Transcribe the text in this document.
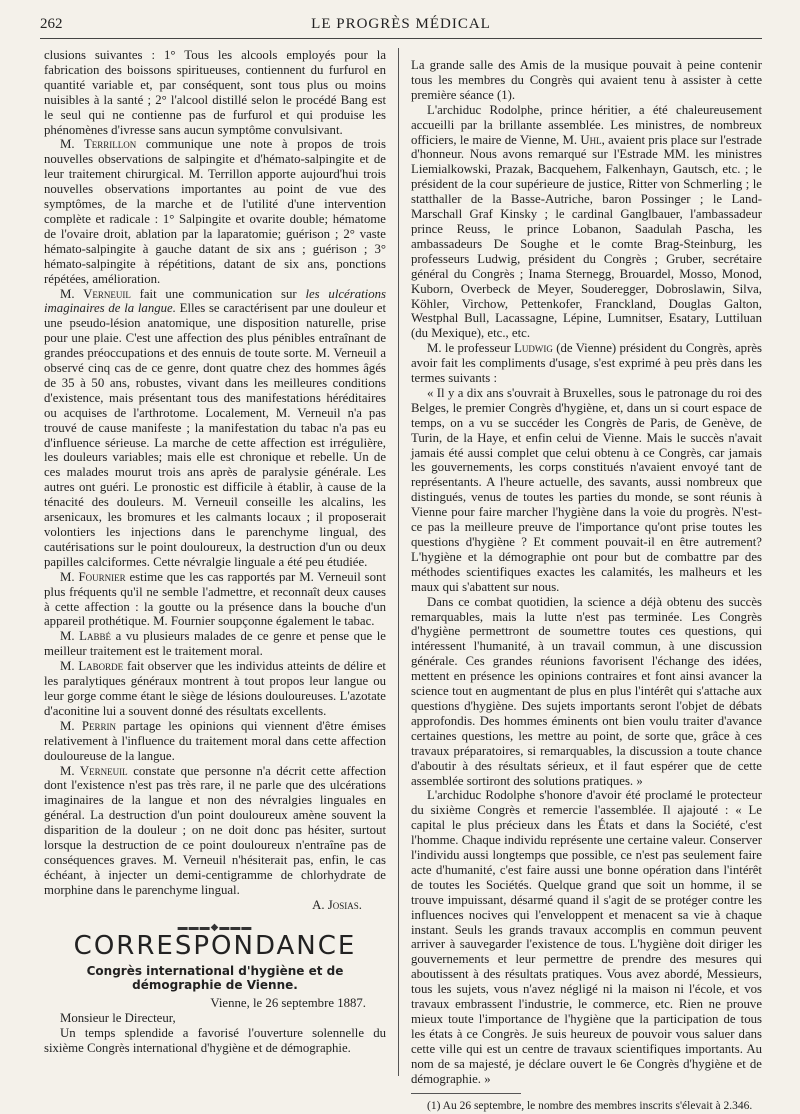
262	LE PROGRÈS MÉDICAL

clusions suivantes : 1° Tous les alcools employés pour la fabrication des boissons spiritueuses, contiennent du furfurol en quantité variable et, par conséquent, sont tous plus ou moins nuisibles à la santé ; 2° l'alcool distillé selon le procédé Bang est le seul qui ne contienne pas de furfurol et qui produise les phénomènes d'ivresse sans aucun symptôme convulsivant.

M. Terrillon communique une note à propos de trois nouvelles observations de salpingite et d'hémato-salpingite et de leur traitement chirurgical. M. Terrillon apporte aujourd'hui trois nouvelles observations importantes au point de vue des symptômes, de la marche et de l'utilité d'une intervention complète et radicale : 1° Salpingite et ovarite double; hématome de l'ovaire droit, ablation par la laparatomie; guérison ; 2° vaste hémato-salpingite à gauche datant de six ans ; guérison ; 3° hémato-salpingite à répétitions, datant de six ans, ponctions répétées, amélioration.

M. Verneuil fait une communication sur les ulcérations imaginaires de la langue. Elles se caractérisent par une douleur et une pseudo-lésion anatomique, une disposition naturelle, prise pour une plaie. C'est une affection des plus pénibles entraînant de grandes préoccupations et des ennuis de toute sorte. M. Verneuil a observé cinq cas de ce genre, dont quatre chez des hommes âgés de 35 à 50 ans, robustes, vivant dans les meilleures conditions d'existence, mais présentant tous des manifestations héréditaires ou acquises de l'arthrotome. Localement, M. Verneuil n'a pas trouvé de cause manifeste ; la manifestation du tabac n'a pas eu d'influence sérieuse. La marche de cette affection est irrégulière, les douleurs variables; mais elle est chronique et rebelle. Un de ces malades mourut trois ans après de paralysie générale. Les autres ont guéri. Le pronostic est difficile à établir, à cause de la ténacité des douleurs. M. Verneuil conseille les alcalins, les arsenicaux, les bromures et les calmants locaux ; il proposerait volontiers les injections dans le parenchyme lingual, des cautérisations sur le point douloureux, la destruction d'un ou deux papilles calciformes. Cette névralgie linguale a été peu étudiée.

M. Fournier estime que les cas rapportés par M. Verneuil sont plus fréquents qu'il ne semble l'admettre, et reconnaît deux causes à cette affection : la goutte ou la présence dans la bouche d'un appareil prothétique. M. Fournier soupçonne également le tabac.

M. Labbé a vu plusieurs malades de ce genre et pense que le meilleur traitement est le traitement moral.

M. Laborde fait observer que les individus atteints de délire et les paralytiques généraux montrent à tout propos leur langue ou leur gorge comme étant le siège de lésions douloureuses. L'azotate d'aconitine lui a souvent donné des résultats excellents.

M. Perrin partage les opinions qui viennent d'être émises relativement à l'influence du traitement moral dans cette affection douloureuse de la langue.

M. Verneuil constate que personne n'a décrit cette affection dont l'existence n'est pas très rare, il ne parle que des ulcérations imaginaires de la langue et non des névralgies linguales en général. La destruction d'un point douloureux amène souvent la disparition de la douleur ; on ne doit donc pas hésiter, surtout lorsque la destruction de ce point douloureux n'entraîne pas de conséquences graves. M. Verneuil n'hésiterait pas, enfin, le cas échéant, à injecter un demi-centigramme de chlorhydrate de morphine dans le parenchyme lingual.

A. Josias.

▬▬▬◆▬▬▬
CORRESPONDANCE
Congrès international d'hygiène et de démographie de Vienne.

Vienne, le 26 septembre 1887.

Monsieur le Directeur,

Un temps splendide a favorisé l'ouverture solennelle du sixième Congrès international d'hygiène et de démographie.

La grande salle des Amis de la musique pouvait à peine contenir tous les membres du Congrès qui avaient tenu à assister à cette première séance (1).

L'archiduc Rodolphe, prince héritier, a été chaleureusement accueilli par la brillante assemblée. Les ministres, de nombreux officiers, le maire de Vienne, M. Uhl, avaient pris place sur l'estrade d'honneur. Nous avons remarqué sur l'Estrade MM. les ministres Liemialkowski, Prazak, Bacquehem, Falkenhayn, Gautsch, etc. ; le président de la cour supérieure de justice, Ritter von Schmerling ; le statthaller de la Basse-Autriche, baron Possinger ; le Land-Marschall Graf Kinsky ; le cardinal Ganglbauer, l'ambassadeur prince Reuss, le prince Lobanon, Saadulah Pascha, les ambassadeurs De Soughe et le comte Brag-Steinburg, les professeurs Ludwig, président du Congrès ; Gruber, secrétaire général du Congrès ; Inama Sternegg, Brouardel, Mosso, Monod, Kuborn, Overbeck de Meyer, Souderegger, Dobroslawin, Silva, Köhler, Virchow, Pettenkofer, Franckland, Douglas Galton, Westphal Bull, Lacassagne, Lépine, Lumnitser, Esatary, Luttiluan (du Mexique), etc., etc.

M. le professeur Ludwig (de Vienne) président du Congrès, après avoir fait les compliments d'usage, s'est exprimé à peu près dans les termes suivants :

« Il y a dix ans s'ouvrait à Bruxelles, sous le patronage du roi des Belges, le premier Congrès d'hygiène, et, dans un si court espace de temps, on a vu se succéder les Congrès de Paris, de Genève, de Turin, de la Haye, et enfin celui de Vienne. Mais le succès n'avait jamais été aussi complet que celui obtenu à ce Congrès, car jamais les gouvernements, les corps constitués n'avaient envoyé tant de représentants. A l'heure actuelle, des savants, aussi nombreux que distingués, venus de toutes les parties du monde, se sont réunis à Vienne pour faire marcher l'hygiène dans la voie du progrès. N'est-ce pas la meilleure preuve de l'importance qu'ont prise toutes les questions d'hygiène ? Et comment pouvait-il en être autrement? L'hygiène et la démographie ont pour but de combattre par des méthodes scientifiques exactes les calamités, les malheurs et les maux qui s'abattent sur nous.

Dans ce combat quotidien, la science a déjà obtenu des succès remarquables, mais la lutte n'est pas terminée. Les Congrès d'hygiène permettront de soumettre toutes ces questions, qui intéressent l'humanité, à un travail commun, à une discussion générale. Ces grandes réunions favorisent l'échange des idées, mettent en présence les opinions contraires et font ainsi avancer la science tout en augmentant de plus en plus l'intérêt qui s'attache aux questions d'hygiène. Des sujets importants seront l'objet de débats approfondis. Des hommes éminents ont bien voulu traiter d'avance certaines questions, les mettre au point, de sorte que, grâce à ces travaux préparatoires, si remarquables, la discussion a toute chance d'aboutir à des résultats sérieux, et il faut espérer que de cette assemblée sortiront des solutions pratiques. »

L'archiduc Rodolphe s'honore d'avoir été proclamé le protecteur du sixième Congrès et remercie l'assemblée. Il ajajouté : « Le capital le plus précieux dans les États et dans la Société, c'est l'homme. Chaque individu représente une certaine valeur. Conserver l'individu aussi longtemps que possible, ce n'est pas seulement faire acte d'humanité, c'est faire aussi une bonne opération dans l'intérêt de toutes les Sociétés. Quelque grand que soit un homme, il se trouve impuissant, désarmé quand il s'agit de se protéger contre les influences nocives qui l'enveloppent et menacent sa vie à chaque instant. Seuls les grands travaux accomplis en commun peuvent arriver à sauvegarder l'existence de tous. L'hygiène doit diriger les gouvernements et leur permettre de prendre des mesures qui aboutissent à des résultats pratiques. Vous avez abordé, Messieurs, tous les sujets, vous n'avez négligé ni la maison ni l'école, et vos travaux embrassent l'industrie, le commerce, etc. Rien ne prouve mieux toute l'importance de l'hygiène que la participation de tous les états à ce Congrès. Je suis heureux de pouvoir vous saluer dans cette ville qui est un centre de travaux scientifiques importants. Au nom de sa majesté, je déclare ouvert le 6e Congrès d'hygiène et de démographie. »

(1) Au 26 septembre, le nombre des membres inscrits s'élevait à 2.346.
